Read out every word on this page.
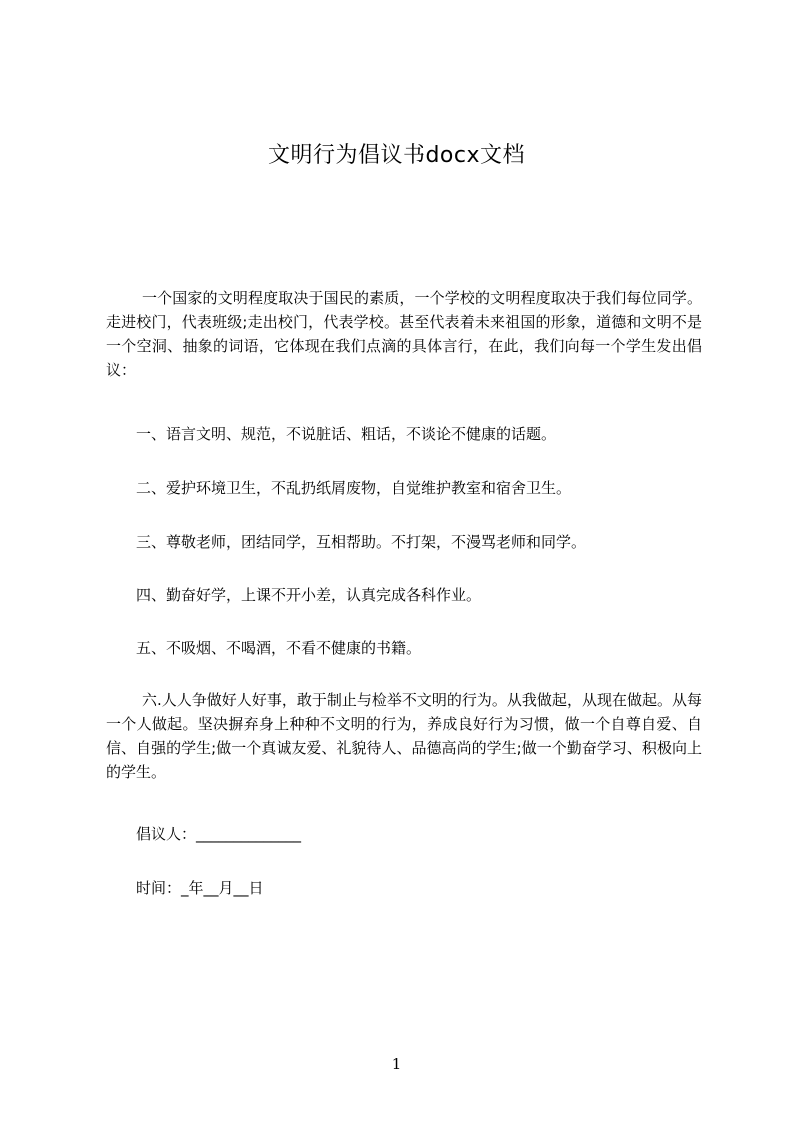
文明行为倡议书docx文档
一个国家的文明程度取决于国民的素质，一个学校的文明程度取决于我们每位同学。走进校门，代表班级;走出校门，代表学校。甚至代表着未来祖国的形象，道德和文明不是一个空洞、抽象的词语，它体现在我们点滴的具体言行，在此，我们向每一个学生发出倡议：
一、语言文明、规范，不说脏话、粗话，不谈论不健康的话题。
二、爱护环境卫生，不乱扔纸屑废物，自觉维护教室和宿舍卫生。
三、尊敬老师，团结同学，互相帮助。不打架，不漫骂老师和同学。
四、勤奋好学，上课不开小差，认真完成各科作业。
五、不吸烟、不喝酒，不看不健康的书籍。
六.人人争做好人好事，敢于制止与检举不文明的行为。从我做起，从现在做起。从每一个人做起。坚决摒弃身上种种不文明的行为，养成良好行为习惯，做一个自尊自爱、自信、自强的学生;做一个真诚友爱、礼貌待人、品德高尚的学生;做一个勤奋学习、积极向上的学生。
倡议人：______________
时间：_年__月__日
1
